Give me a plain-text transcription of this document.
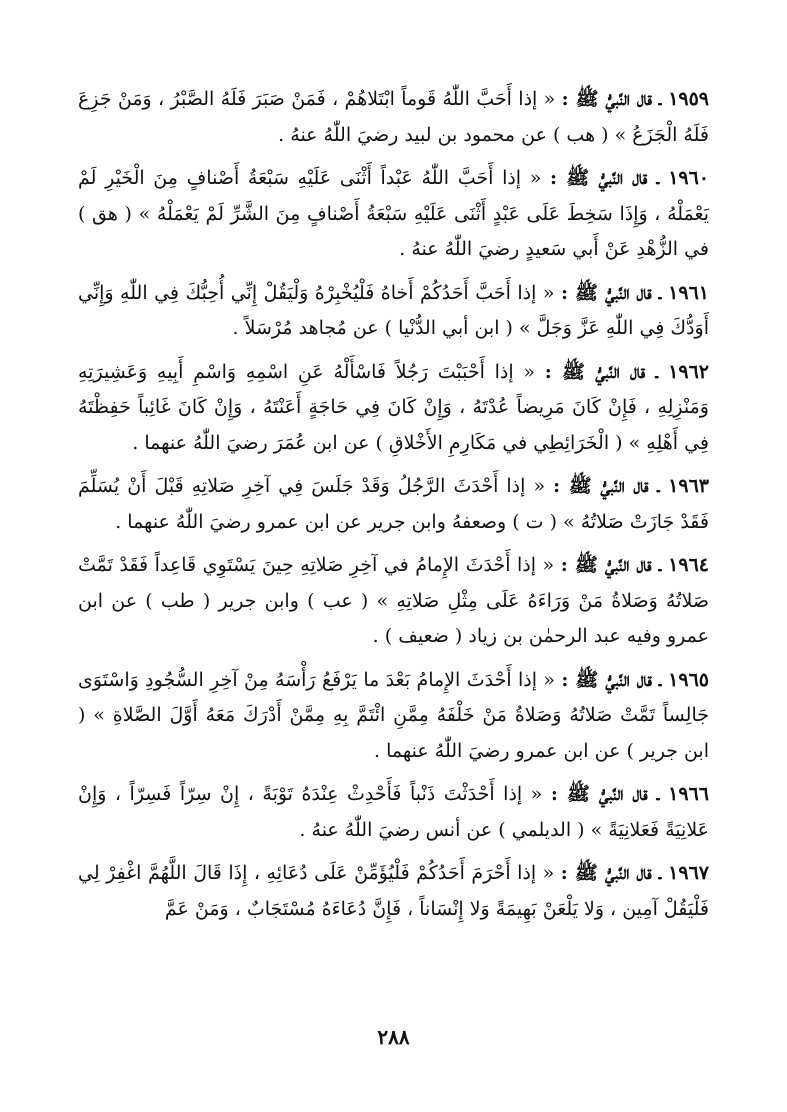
١٩٥٩ ـ قال النَّبيُّ ﷺ : « إذا أَحَبَّ اللّٰهُ قَوماً ابْتَلاهُمْ ، فَمَنْ صَبَرَ فَلَهُ الصَّبْرُ ، وَمَنْ جَزِعَ فَلَهُ الْجَزَعُ » ( هب ) عن محمود بن لبيد رضيَ اللّٰهُ عنهُ .

١٩٦٠ ـ قال النَّبيُّ ﷺ : « إذا أَحَبَّ اللّٰهُ عَبْداً أَثْنَى عَلَيْهِ سَبْعَةُ أَصْنافٍ مِنَ الْخَيْرِ لَمْ يَعْمَلْهُ ، وَإِذَا سَخِطَ عَلَى عَبْدٍ أَثْنَى عَلَيْهِ سَبْعَةُ أَصْنافٍ مِنَ الشَّرِّ لَمْ يَعْمَلْهُ » ( هق ) في الزُّهْدِ عَنْ أَبي سَعيدٍ رضيَ اللّٰهُ عنهُ .

١٩٦١ ـ قال النَّبيُّ ﷺ : « إذا أَحَبَّ أَحَدُكُمْ أَخاهُ فَلْيُخْبِرْهُ وَلْيَقُلْ إِنِّي أُحِبُّكَ فِي اللّٰهِ وَإِنِّي أَوَدُّكَ فِي اللّٰهِ عَزَّ وَجَلَّ » ( ابن أبي الدُّنْيا ) عن مُجاهد مُرْسَلاً .

١٩٦٢ ـ قال النَّبيُّ ﷺ : « إذا أَحْبَبْتَ رَجُلاً فَاسْأَلْهُ عَنِ اسْمِهِ وَاسْمِ أَبِيهِ وَعَشِيرَتِهِ وَمَنْزِلِهِ ، فَإِنْ كَانَ مَرِيضاً عُدْتَهُ ، وَإِنْ كَانَ فِي حَاجَةٍ أَعَنْتَهُ ، وَإِنْ كَانَ غَائِباً حَفِظْتَهُ فِي أَهْلِهِ » ( الْخَرَائِطِي في مَكَارِمِ الأَخْلاقِ ) عن ابن عُمَرَ رضيَ اللّٰهُ عنهما .

١٩٦٣ ـ قال النَّبيُّ ﷺ : « إذا أَحْدَثَ الرَّجُلُ وَقَدْ جَلَسَ فِي آخِرِ صَلاتِهِ قَبْلَ أَنْ يُسَلِّمَ فَقَدْ جَازَتْ صَلاتُهُ » ( ت ) وصعفهُ وابن جرير عن ابن عمرو رضيَ اللّٰهُ عنهما .

١٩٦٤ ـ قال النَّبيُّ ﷺ : « إذا أَحْدَثَ الإِمامُ في آخِرِ صَلاتِهِ حِينَ يَسْتَوِي قَاعِداً فَقَدْ تَمَّتْ صَلاتُهُ وَصَلاةُ مَنْ وَرَاءَهُ عَلَى مِثْلِ صَلاتِهِ » ( عب ) وابن جرير ( طب ) عن ابن عمرو وفيه عبد الرحمٰن بن زياد ( ضعيف ) .

١٩٦٥ ـ قال النَّبيُّ ﷺ : « إذا أَحْدَثَ الإِمامُ بَعْدَ ما يَرْفَعُ رَأْسَهُ مِنْ آخِرِ السُّجُودِ وَاسْتَوَى جَالِساً تَمَّتْ صَلاتُهُ وَصَلاةُ مَنْ خَلْفَهُ مِمَّنِ ائْتَمَّ بِهِ مِمَّنْ أَدْرَكَ مَعَهُ أَوَّلَ الصَّلاةِ » ( ابن جرير ) عن ابن عمرو رضيَ اللّٰهُ عنهما .

١٩٦٦ ـ قال النَّبيُّ ﷺ : « إذا أَحْدَثْتَ ذَنْباً فَأَحْدِثْ عِنْدَهُ تَوْبَةً ، إِنْ سِرّاً فَسِرّاً ، وَإِنْ عَلانِيَةً فَعَلانِيَةً » ( الديلمي ) عن أنس رضيَ اللّٰهُ عنهُ .

١٩٦٧ ـ قال النَّبيُّ ﷺ : « إذا أَحْرَمَ أَحَدُكُمْ فَلْيُؤَمِّنْ عَلَى دُعَائِهِ ، إِذَا قَالَ اللَّهُمَّ اغْفِرْ لِي فَلْيَقُلْ آمِين ، وَلا يَلْعَنْ بَهِيمَةً وَلا إِنْسَاناً ، فَإِنَّ دُعَاءَهُ مُسْتَجَابٌ ، وَمَنْ عَمَّ

٢٨٨
